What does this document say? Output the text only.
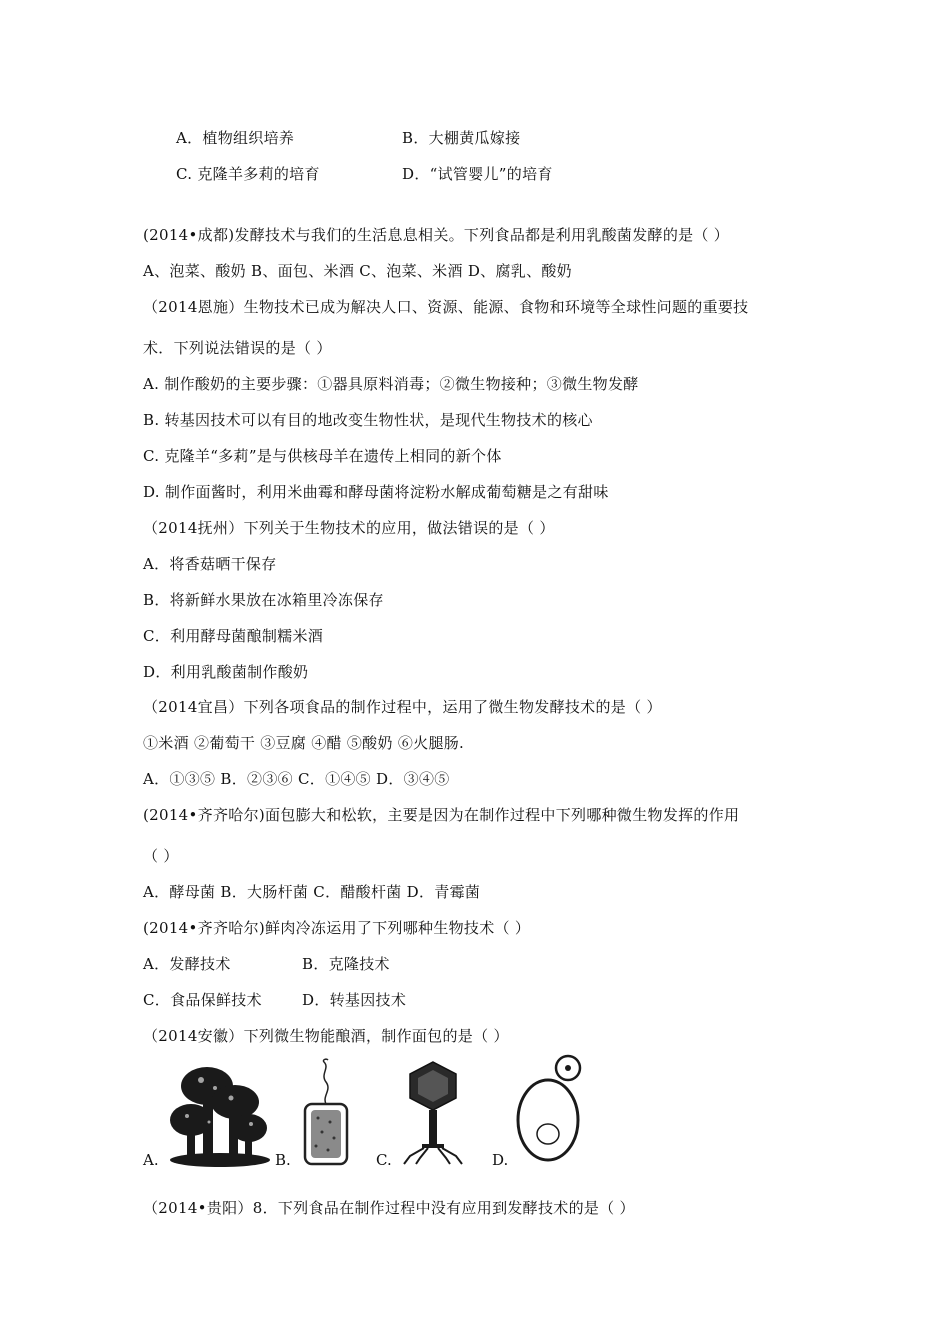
A．植物组织培养	B．大棚黄瓜嫁接
C. 克隆羊多莉的培育	D．“试管婴儿”的培育
(2014•成都)发酵技术与我们的生活息息相关。下列食品都是利用乳酸菌发酵的是（ ）
A、泡菜、酸奶 B、面包、米酒 C、泡菜、米酒 D、腐乳、酸奶
（2014恩施）生物技术已成为解决人口、资源、能源、食物和环境等全球性问题的重要技
术．下列说法错误的是（ ）
A. 制作酸奶的主要步骤：①器具原料消毒；②微生物接种；③微生物发酵
B. 转基因技术可以有目的地改变生物性状，是现代生物技术的核心
C. 克隆羊“多莉”是与供核母羊在遗传上相同的新个体
D. 制作面酱时，利用米曲霉和酵母菌将淀粉水解成葡萄糖是之有甜味
（2014抚州）下列关于生物技术的应用，做法错误的是（ ）
A．将香菇晒干保存
B．将新鲜水果放在冰箱里冷冻保存
C．利用酵母菌酿制糯米酒
D．利用乳酸菌制作酸奶
（2014宜昌）下列各项食品的制作过程中，运用了微生物发酵技术的是（ ）
①米酒 ②葡萄干 ③豆腐 ④醋 ⑤酸奶 ⑥火腿肠.
A．①③⑤ B．②③⑥ C．①④⑤ D．③④⑤
(2014•齐齐哈尔)面包膨大和松软，主要是因为在制作过程中下列哪种微生物发挥的作用
（ ）
A．酵母菌 B．大肠杆菌 C．醋酸杆菌 D．青霉菌
(2014•齐齐哈尔)鲜肉冷冻运用了下列哪种生物技术（ ）
A．发酵技术	B．克隆技术
C．食品保鲜技术	D．转基因技术
（2014安徽）下列微生物能酿酒，制作面包的是（ ）
A.	B.	C.	D.
（2014•贵阳）8．下列食品在制作过程中没有应用到发酵技术的是（ ）
